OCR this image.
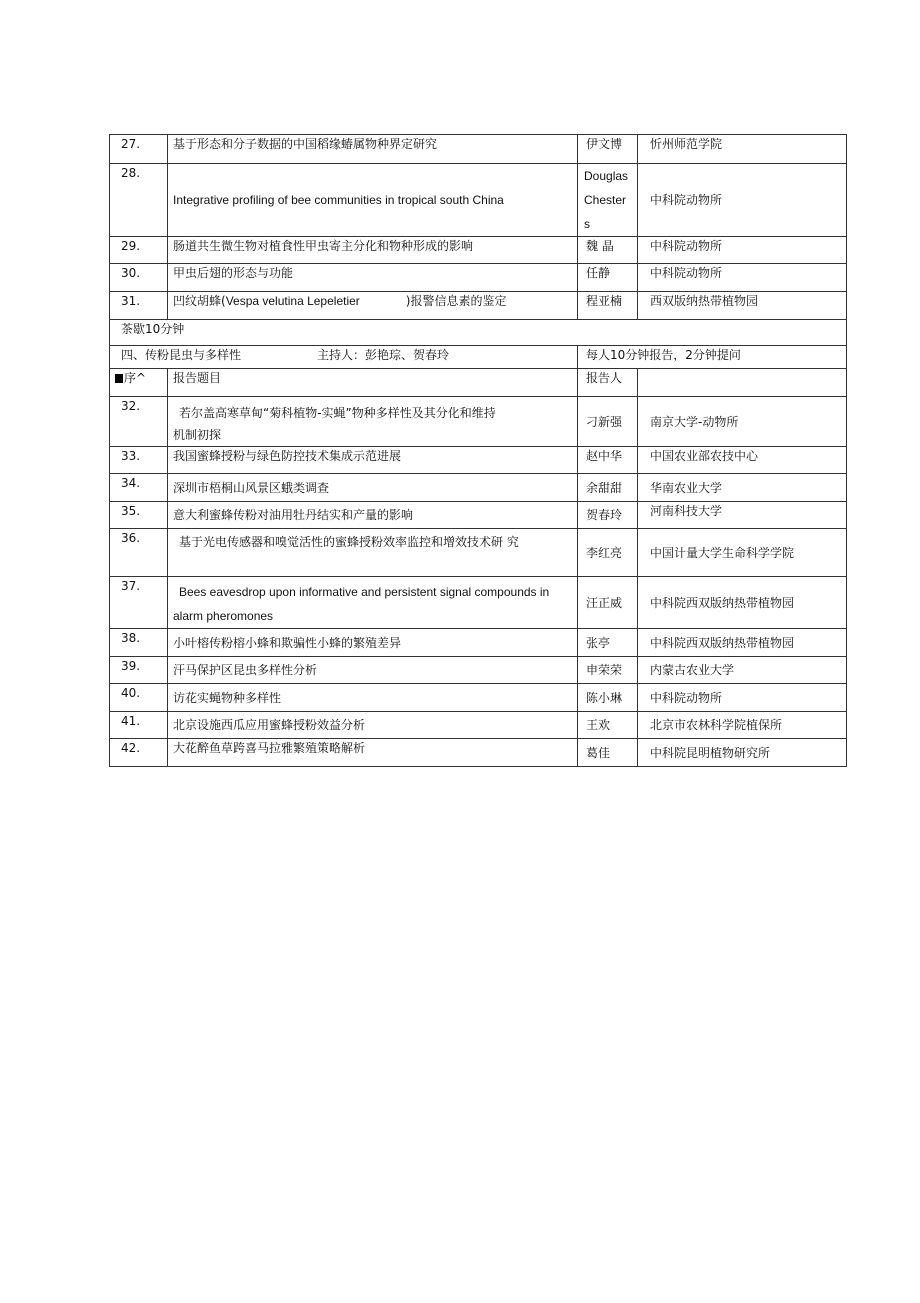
27.	基于形态和分子数据的中国稻缘蝽属物种界定研究	伊文博	忻州师范学院
28.	Integrative profiling of bee communities in tropical south China	Douglas
Chester
s	中科院动物所
29.	肠道共生微生物对植食性甲虫寄主分化和物种形成的影响	魏 晶	中科院动物所
30.	甲虫后翅的形态与功能	任静	中科院动物所
31.	凹纹胡蜂(Vespa velutina Lepeletier )报警信息素的鉴定	程亚楠	西双版纳热带植物园
茶歇10分钟			
四、传粉昆虫与多样性 主持人：彭艳琮、贺春玲		每人10分钟报告，2分钟提问	
序^	报告题目	报告人	
32.	若尔盖高寒草甸“菊科植物-实蝇”物种多样性及其分化和维持
机制初探	刁新强	南京大学-动物所
33.	我国蜜蜂授粉与绿色防控技术集成示范进展	赵中华	中国农业部农技中心
34.	深圳市梧桐山风景区蛾类调查	余甜甜	华南农业大学
35.	意大利蜜蜂传粉对油用牡丹结实和产量的影响	贺春玲	河南科技大学
36.	基于光电传感器和嗅觉活性的蜜蜂授粉效率监控和增效技术研 究	李红亮	中国计量大学生命科学学院
37.	Bees eavesdrop upon informative and persistent signal compounds in
alarm pheromones	汪正威	中科院西双版纳热带植物园
38.	小叶榕传粉榕小蜂和欺骗性小蜂的繁殖差异	张亭	中科院西双版纳热带植物园
39.	汗马保护区昆虫多样性分析	申荣荣	内蒙古农业大学
40.	访花实蝇物种多样性	陈小琳	中科院动物所
41.	北京设施西瓜应用蜜蜂授粉效益分析	王欢	北京市农林科学院植保所
42.	大花醉鱼草跨喜马拉雅繁殖策略解析	葛佳	中科院昆明植物研究所
